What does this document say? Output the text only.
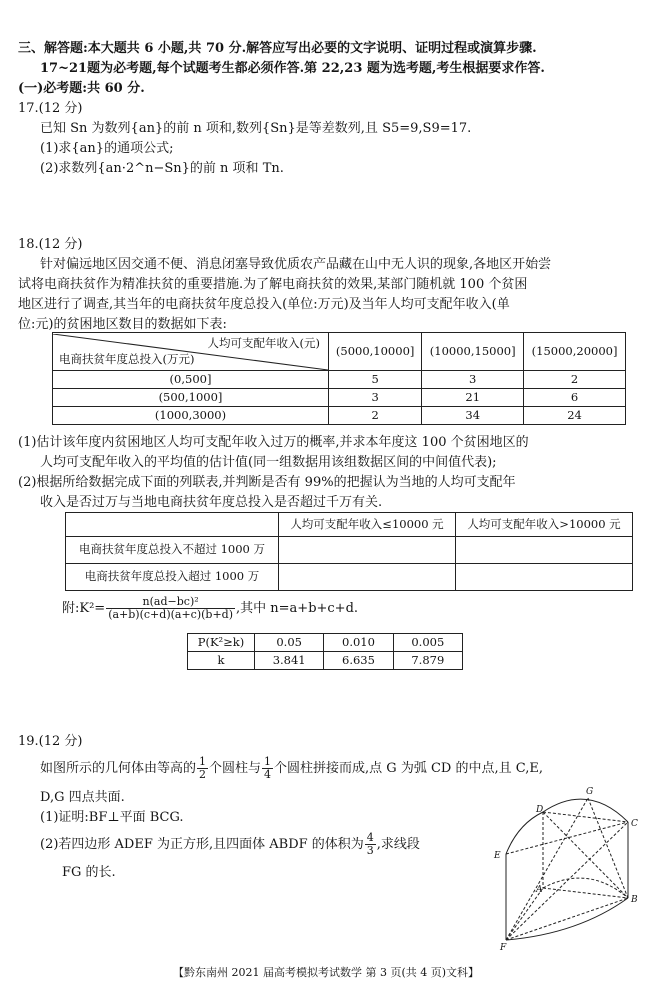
三、解答题:本大题共 6 小题,共 70 分.解答应写出必要的文字说明、证明过程或演算步骤.
17~21题为必考题,每个试题考生都必须作答.第 22,23 题为选考题,考生根据要求作答.
(一)必考题:共 60 分.
17.(12 分)
已知 Sn 为数列{an}的前 n 项和,数列{Sn}是等差数列,且 S5=9,S9=17.
(1)求{an}的通项公式;
(2)求数列{an·2^n−Sn}的前 n 项和 Tn.
18.(12 分)
针对偏远地区因交通不便、消息闭塞导致优质农产品藏在山中无人识的现象,各地区开始尝
试将电商扶贫作为精准扶贫的重要措施.为了解电商扶贫的效果,某部门随机就 100 个贫困
地区进行了调查,其当年的电商扶贫年度总投入(单位:万元)及当年人均可支配年收入(单
位:元)的贫困地区数目的数据如下表:
人均可支配年收入(元)
电商扶贫年度总投入(万元)	(5000,10000]	(10000,15000]	(15000,20000]
(0,500]	5	3	2
(500,1000]	3	21	6
(1000,3000)	2	34	24
(1)估计该年度内贫困地区人均可支配年收入过万的概率,并求本年度这 100 个贫困地区的
人均可支配年收入的平均值的估计值(同一组数据用该组数据区间的中间值代表);
(2)根据所给数据完成下面的列联表,并判断是否有 99%的把握认为当地的人均可支配年
收入是否过万与当地电商扶贫年度总投入是否超过千万有关.
	人均可支配年收入≤10000 元	人均可支配年收入>10000 元
电商扶贫年度总投入不超过 1000 万		
电商扶贫年度总投入超过 1000 万		
附:K²= $\frac{\text{n(ad−bc)²}}{(a+b)(c+d)(a+c)(b+d)}$ ,其中 n=a+b+c+d.
P(K²≥k)	0.05	0.010	0.005
k	3.841	6.635	7.879
19.(12 分)
如图所示的几何体由等高的 $\frac{1}{2}$ 个圆柱与 $\frac{1}{4}$ 个圆柱拼接而成,点 G 为弧 CD 的中点,且 C,E,
D,G 四点共面.
(1)证明:BF⊥平面 BCG.
(2)若四边形 ADEF 为正方形,且四面体 ABDF 的体积为 $\frac{4}{3}$ ,求线段
FG 的长.
D
G
C
E
A
B
F
【黔东南州 2021 届高考模拟考试数学 第 3 页(共 4 页)文科】
